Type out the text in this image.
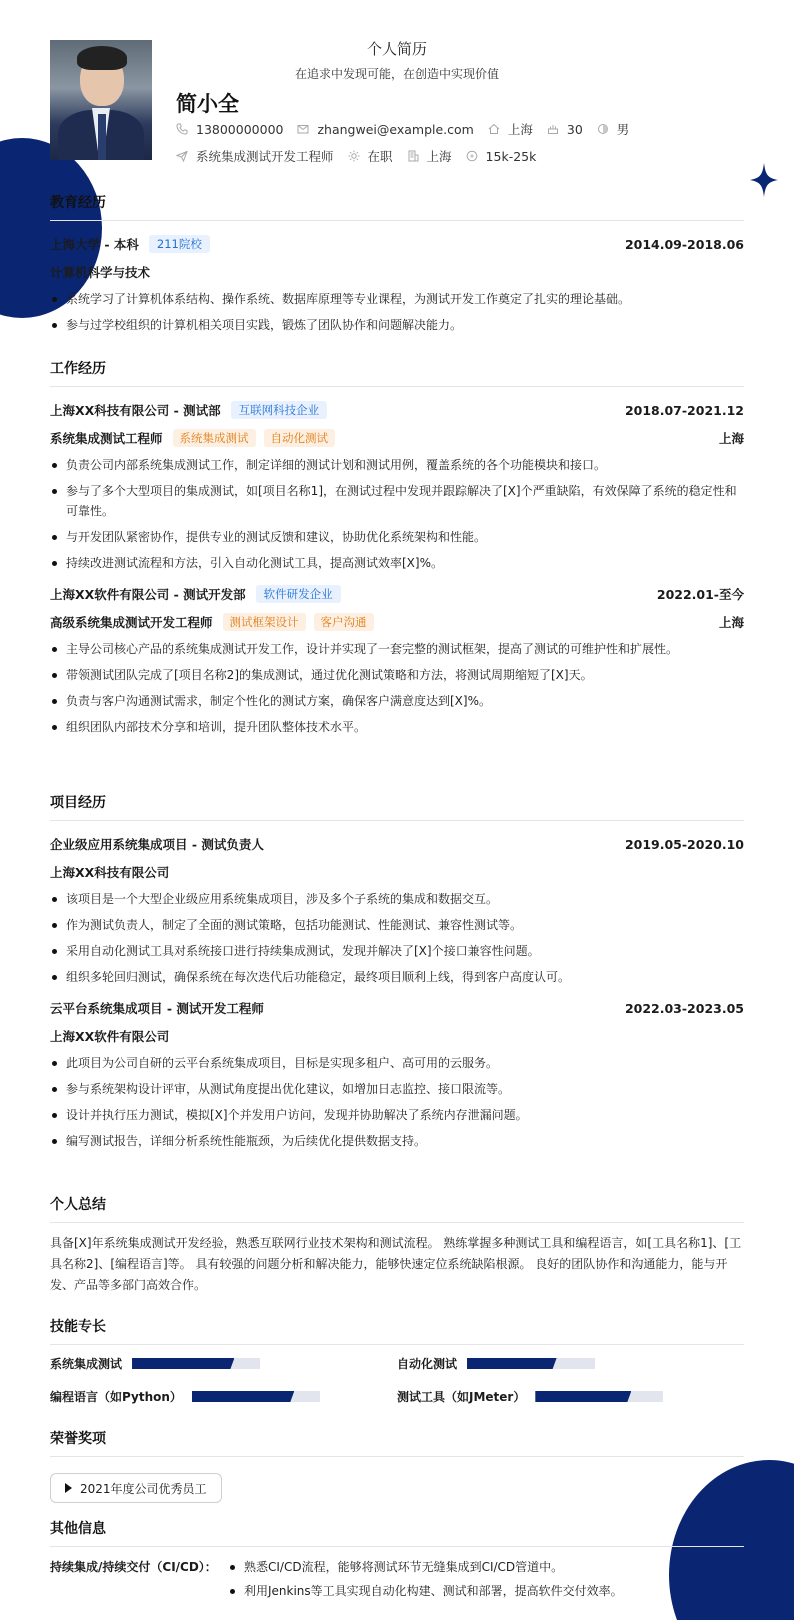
个人简历
在追求中发现可能，在创造中实现价值
简小全
13800000000	zhangwei@example.com	上海	30	男
系统集成测试开发工程师	在职	上海	15k-25k
教育经历
上海大学 - 本科	211院校	2014.09-2018.06
计算机科学与技术
系统学习了计算机体系结构、操作系统、数据库原理等专业课程，为测试开发工作奠定了扎实的理论基础。
参与过学校组织的计算机相关项目实践，锻炼了团队协作和问题解决能力。
工作经历
上海XX科技有限公司 - 测试部	互联网科技企业	2018.07-2021.12
系统集成测试工程师	系统集成测试	自动化测试	上海
负责公司内部系统集成测试工作，制定详细的测试计划和测试用例，覆盖系统的各个功能模块和接口。
参与了多个大型项目的集成测试，如[项目名称1]，在测试过程中发现并跟踪解决了[X]个严重缺陷，有效保障了系统的稳定性和可靠性。
与开发团队紧密协作，提供专业的测试反馈和建议，协助优化系统架构和性能。
持续改进测试流程和方法，引入自动化测试工具，提高测试效率[X]%。
上海XX软件有限公司 - 测试开发部	软件研发企业	2022.01-至今
高级系统集成测试开发工程师	测试框架设计	客户沟通	上海
主导公司核心产品的系统集成测试开发工作，设计并实现了一套完整的测试框架，提高了测试的可维护性和扩展性。
带领测试团队完成了[项目名称2]的集成测试，通过优化测试策略和方法，将测试周期缩短了[X]天。
负责与客户沟通测试需求，制定个性化的测试方案，确保客户满意度达到[X]%。
组织团队内部技术分享和培训，提升团队整体技术水平。
项目经历
企业级应用系统集成项目 - 测试负责人	2019.05-2020.10
上海XX科技有限公司
该项目是一个大型企业级应用系统集成项目，涉及多个子系统的集成和数据交互。
作为测试负责人，制定了全面的测试策略，包括功能测试、性能测试、兼容性测试等。
采用自动化测试工具对系统接口进行持续集成测试，发现并解决了[X]个接口兼容性问题。
组织多轮回归测试，确保系统在每次迭代后功能稳定，最终项目顺利上线，得到客户高度认可。
云平台系统集成项目 - 测试开发工程师	2022.03-2023.05
上海XX软件有限公司
此项目为公司自研的云平台系统集成项目，目标是实现多租户、高可用的云服务。
参与系统架构设计评审，从测试角度提出优化建议，如增加日志监控、接口限流等。
设计并执行压力测试，模拟[X]个并发用户访问，发现并协助解决了系统内存泄漏问题。
编写测试报告，详细分析系统性能瓶颈，为后续优化提供数据支持。
个人总结
具备[X]年系统集成测试开发经验，熟悉互联网行业技术架构和测试流程。 熟练掌握多种测试工具和编程语言，如[工具名称1]、[工具名称2]、[编程语言]等。 具有较强的问题分析和解决能力，能够快速定位系统缺陷根源。 良好的团队协作和沟通能力，能与开发、产品等多部门高效合作。
技能专长
系统集成测试	自动化测试
编程语言（如Python）	测试工具（如JMeter）
荣誉奖项
2021年度公司优秀员工
其他信息
持续集成/持续交付（CI/CD）：	熟悉CI/CD流程，能够将测试环节无缝集成到CI/CD管道中。
利用Jenkins等工具实现自动化构建、测试和部署，提高软件交付效率。
